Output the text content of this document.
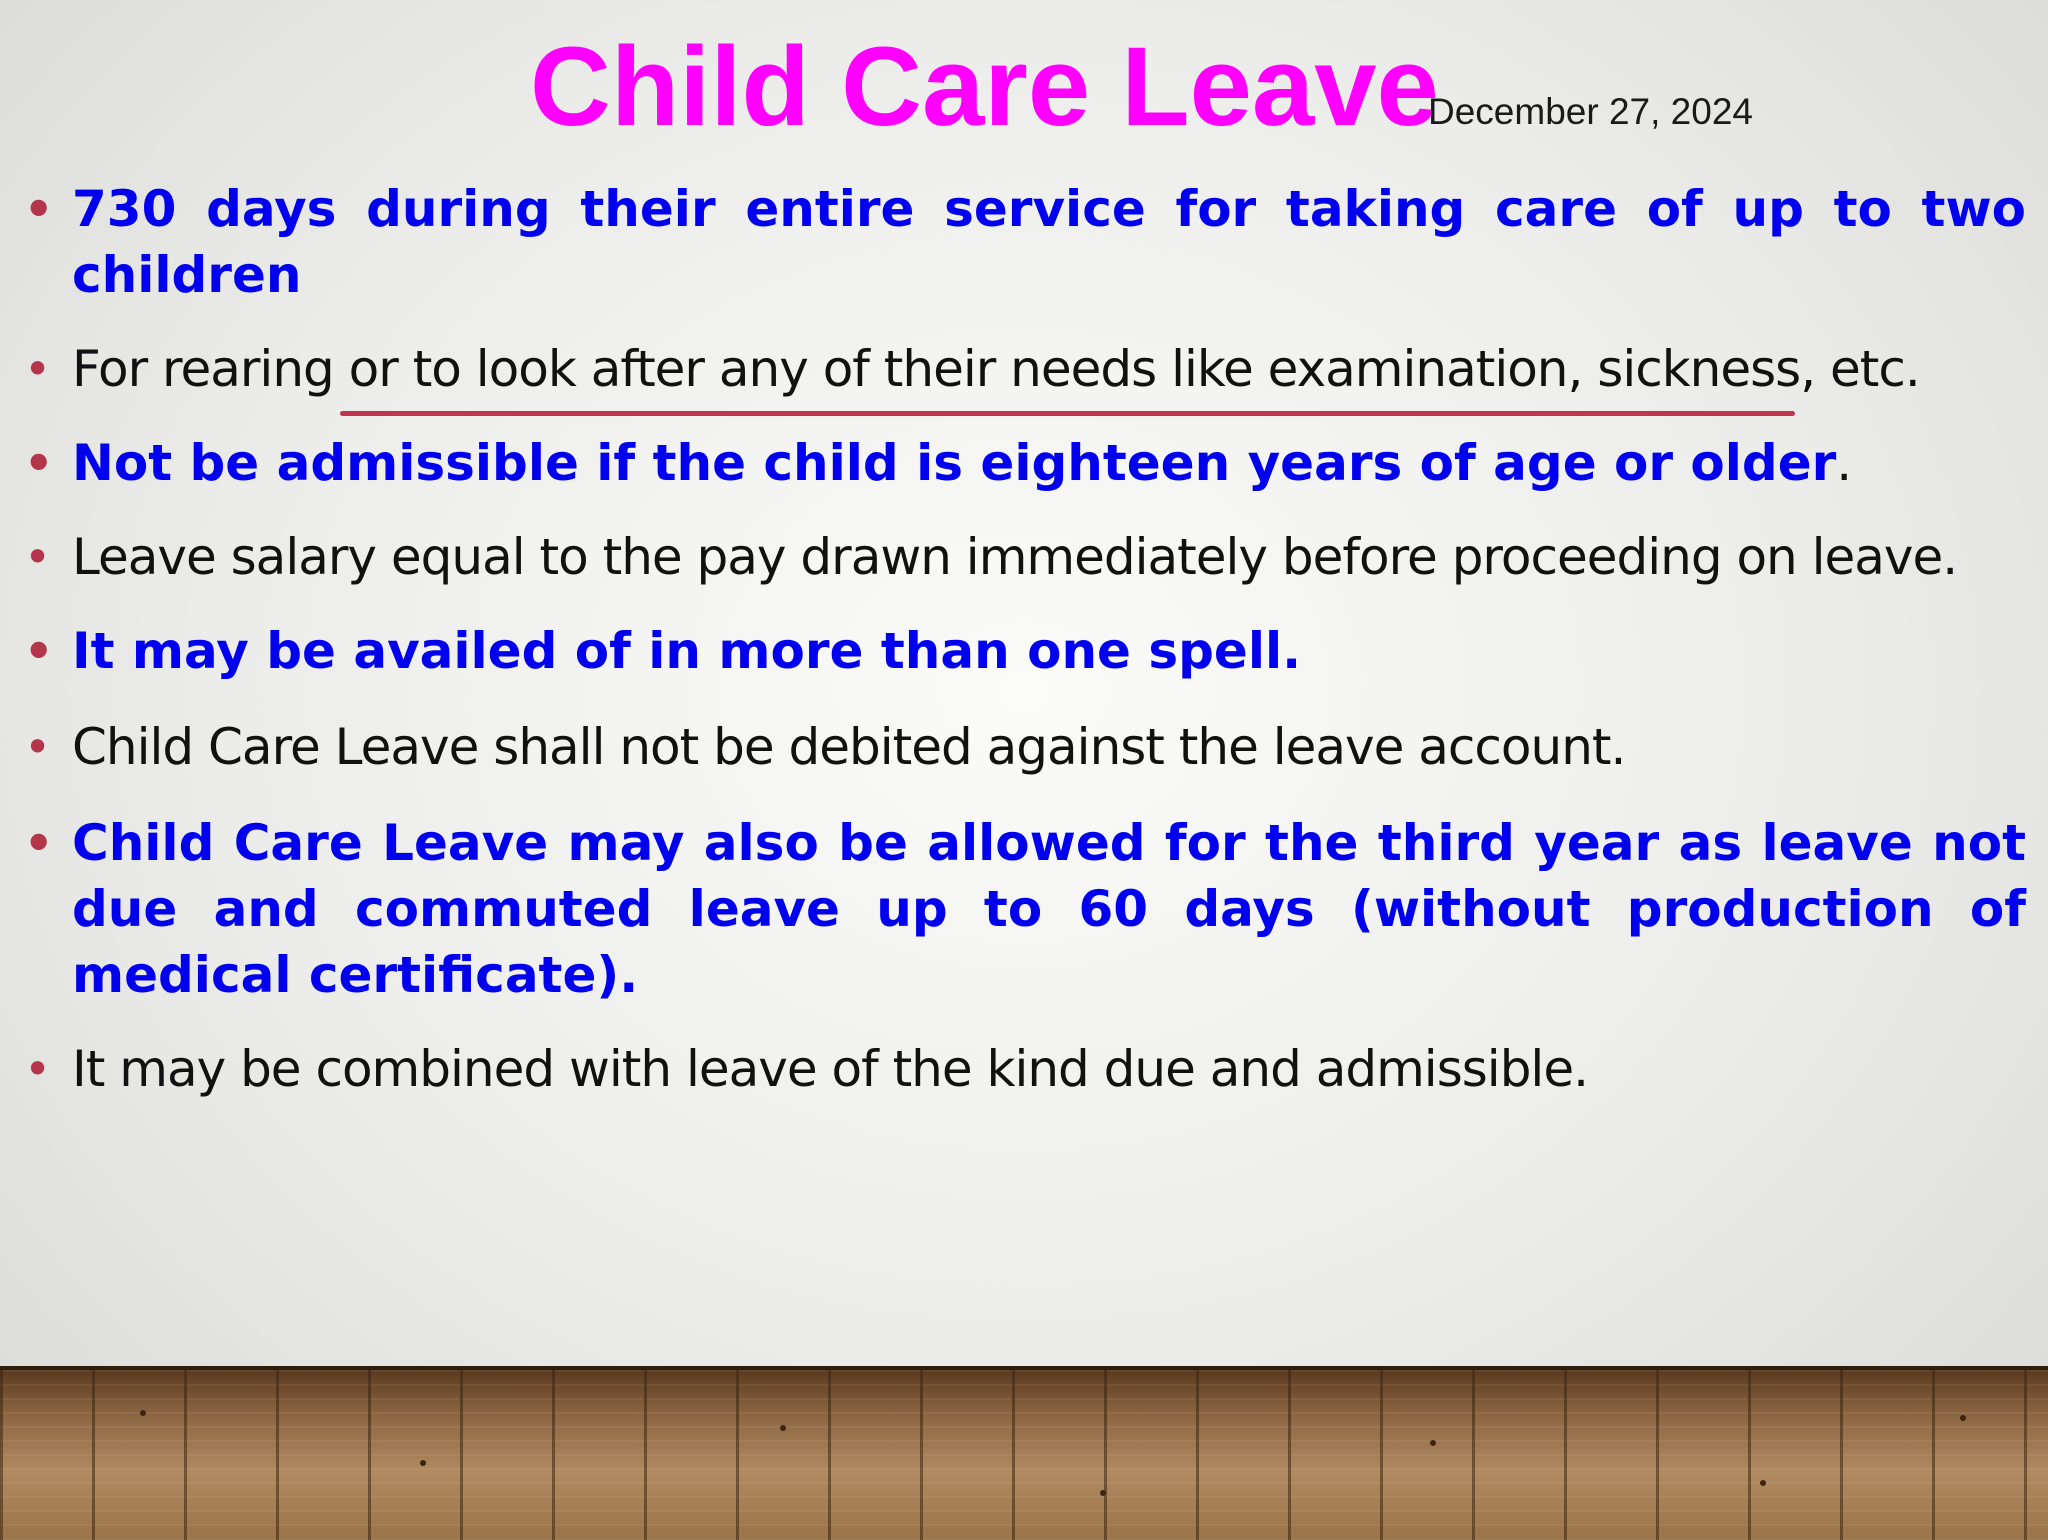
Child Care Leave
December 27, 2024
• 730 days during their entire service for taking care of up to two children
• For rearing or to look after any of their needs like examination, sickness, etc.
• Not be admissible if the child is eighteen years of age or older.
• Leave salary equal to the pay drawn immediately before proceeding on leave.
• It may be availed of in more than one spell.
• Child Care Leave shall not be debited against the leave account.
• Child Care Leave may also be allowed for the third year as leave not due and commuted leave up to 60 days (without production of medical certificate).
• It may be combined with leave of the kind due and admissible.
